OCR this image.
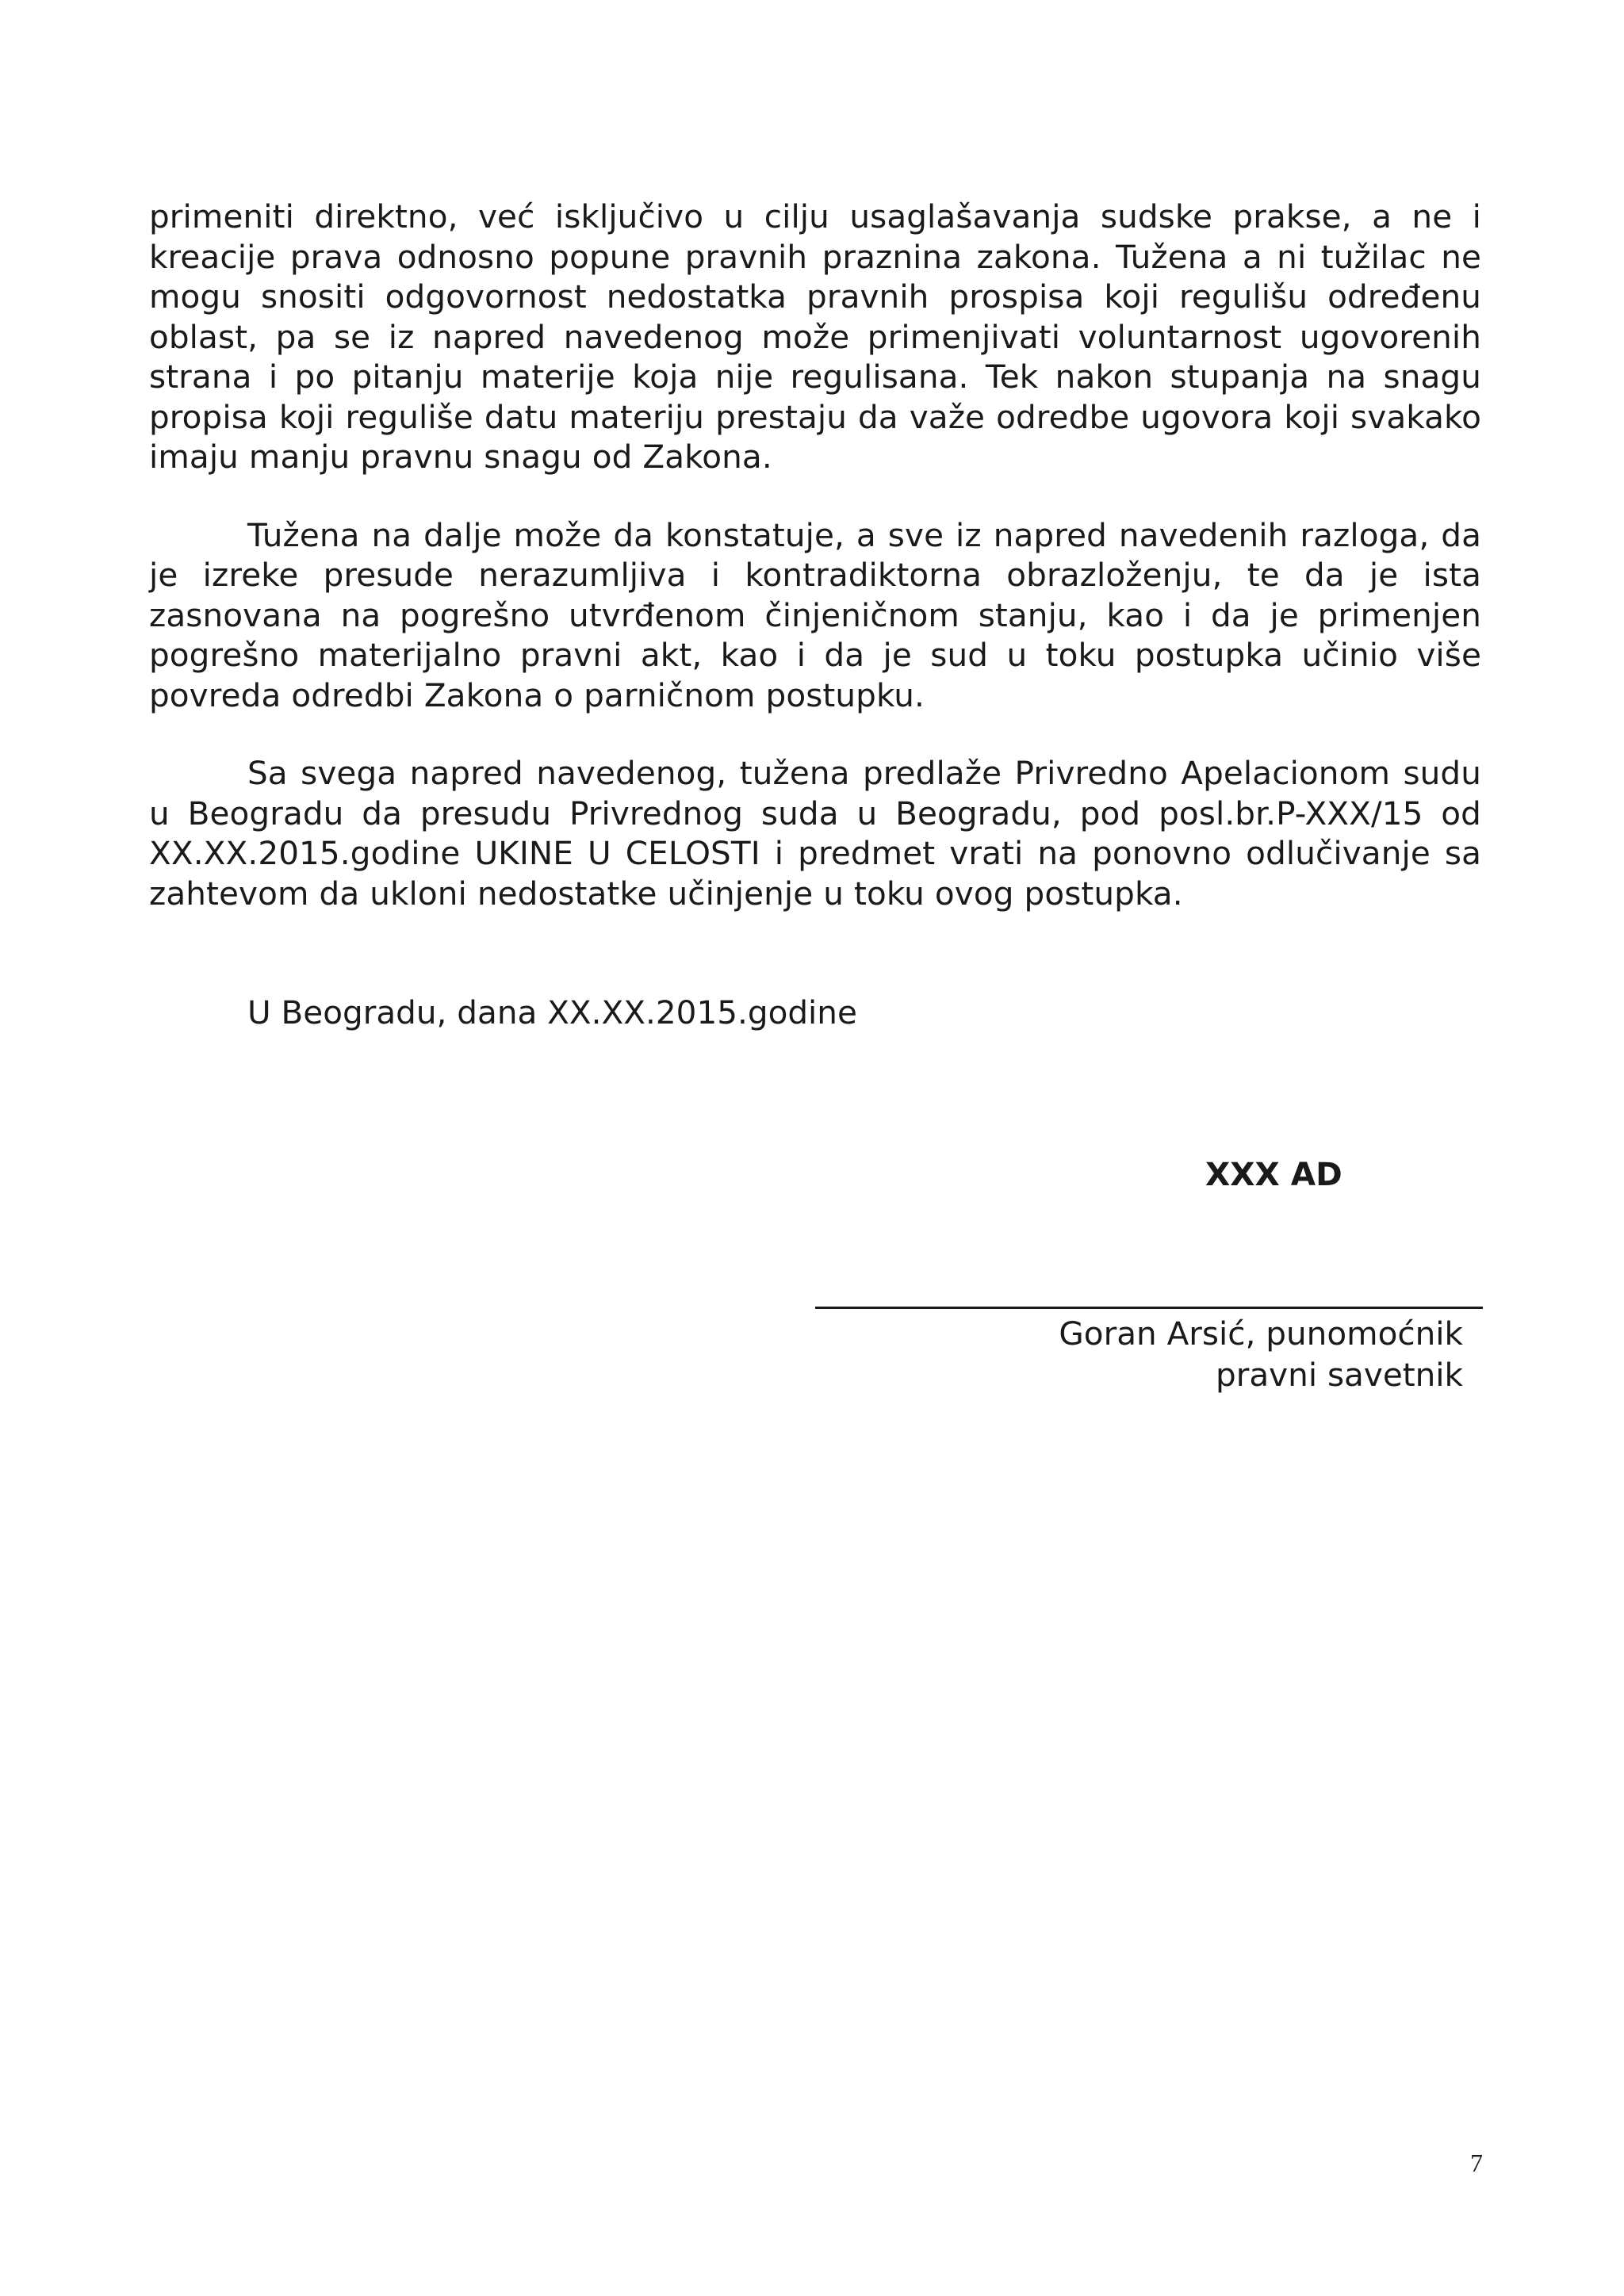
primeniti direktno, već isključivo u cilju usaglašavanja sudske prakse, a ne i kreacije prava odnosno popune pravnih praznina zakona. Tužena a ni tužilac ne mogu snositi odgovornost nedostatka pravnih prospisa koji regulišu određenu oblast, pa se iz napred navedenog može primenjivati voluntarnost ugovorenih strana i po pitanju materije koja nije regulisana. Tek nakon stupanja na snagu propisa koji reguliše datu materiju prestaju da važe odredbe ugovora koji svakako imaju manju pravnu snagu od Zakona.

Tužena na dalje može da konstatuje, a sve iz napred navedenih razloga, da je izreke presude nerazumljiva i kontradiktorna obrazloženju, te da je ista zasnovana na pogrešno utvrđenom činjeničnom stanju, kao i da je primenjen pogrešno materijalno pravni akt, kao i da je sud u toku postupka učinio više povreda odredbi Zakona o parničnom postupku.

Sa svega napred navedenog, tužena predlaže Privredno Apelacionom sudu u Beogradu da presudu Privrednog suda u Beogradu, pod posl.br.P-XXX/15 od XX.XX.2015.godine UKINE U CELOSTI i predmet vrati na ponovno odlučivanje sa zahtevom da ukloni nedostatke učinjenje u toku ovog postupka.

U Beogradu, dana XX.XX.2015.godine
XXX AD
Goran Arsić, punomoćnik
pravni savetnik
7
